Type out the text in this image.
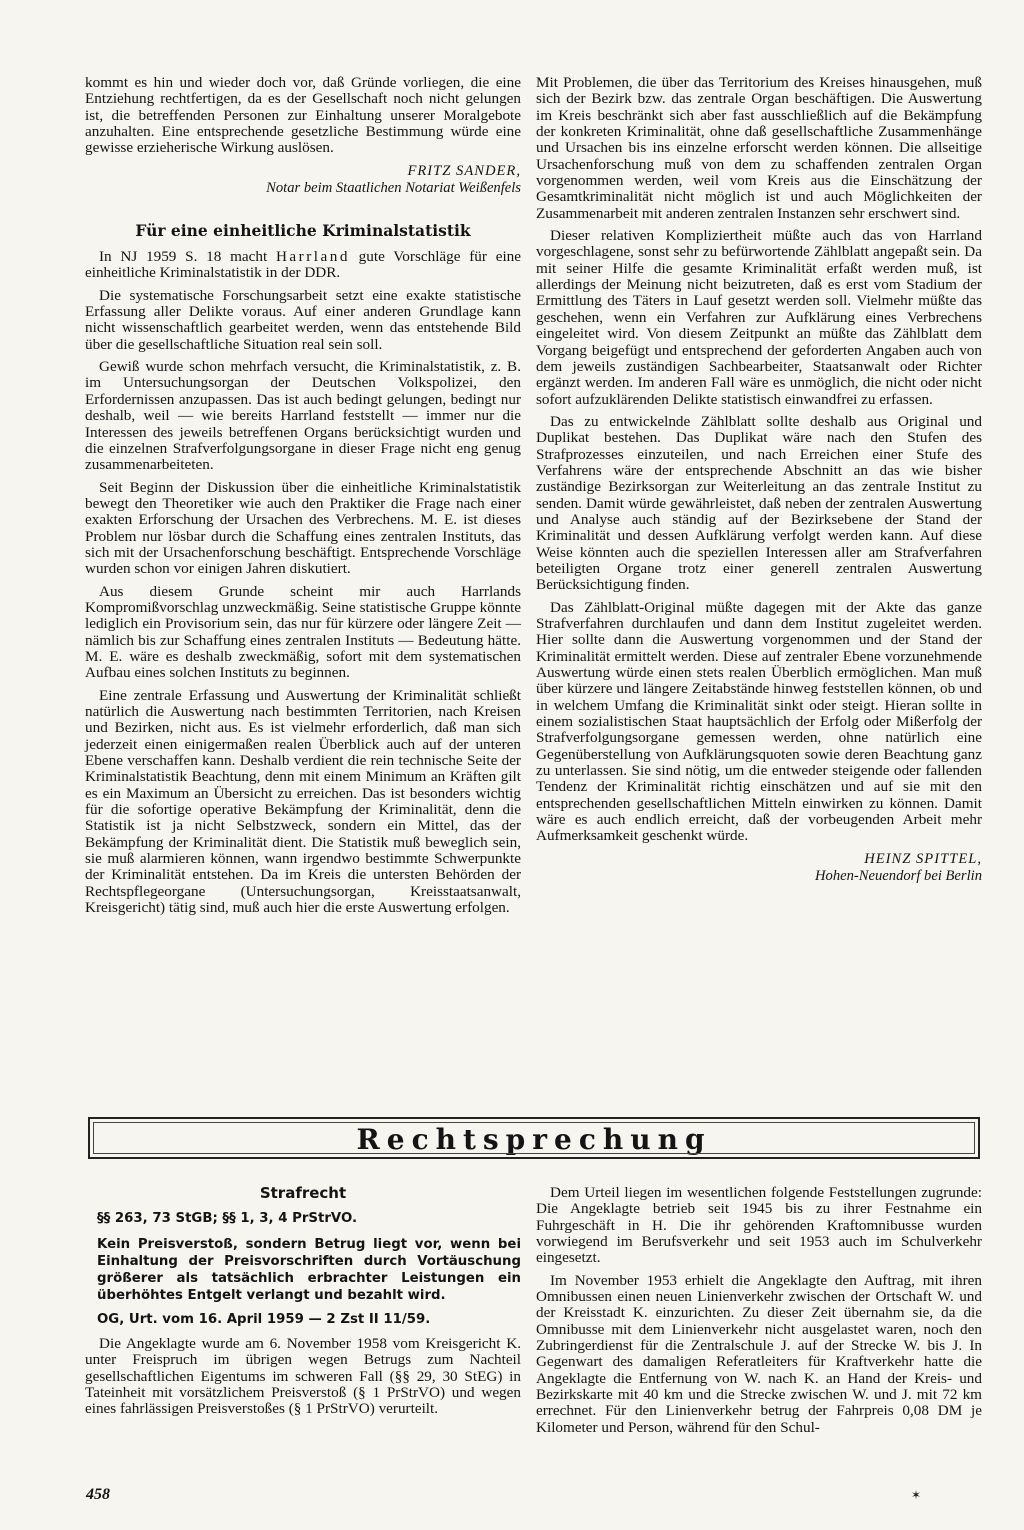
kommt es hin und wieder doch vor, daß Gründe vorliegen, die eine Entziehung rechtfertigen, da es der Gesellschaft noch nicht gelungen ist, die betreffenden Personen zur Einhaltung unserer Moralgebote anzuhalten. Eine entsprechende gesetzliche Bestimmung würde eine gewisse erzieherische Wirkung auslösen.

FRITZ SANDER,
Notar beim Staatlichen Notariat Weißenfels
Für eine einheitliche Kriminalstatistik

In NJ 1959 S. 18 macht Harrland gute Vorschläge für eine einheitliche Kriminalstatistik in der DDR.

Die systematische Forschungsarbeit setzt eine exakte statistische Erfassung aller Delikte voraus. Auf einer anderen Grundlage kann nicht wissenschaftlich gearbeitet werden, wenn das entstehende Bild über die gesellschaftliche Situation real sein soll.

Gewiß wurde schon mehrfach versucht, die Kriminalstatistik, z. B. im Untersuchungsorgan der Deutschen Volkspolizei, den Erfordernissen anzupassen. Das ist auch bedingt gelungen, bedingt nur deshalb, weil — wie bereits Harrland feststellt — immer nur die Interessen des jeweils betreffenen Organs berücksichtigt wurden und die einzelnen Strafverfolgungsorgane in dieser Frage nicht eng genug zusammenarbeiteten.

Seit Beginn der Diskussion über die einheitliche Kriminalstatistik bewegt den Theoretiker wie auch den Praktiker die Frage nach einer exakten Erforschung der Ursachen des Verbrechens. M. E. ist dieses Problem nur lösbar durch die Schaffung eines zentralen Instituts, das sich mit der Ursachenforschung beschäftigt. Entsprechende Vorschläge wurden schon vor einigen Jahren diskutiert.

Aus diesem Grunde scheint mir auch Harrlands Kompromißvorschlag unzweckmäßig. Seine statistische Gruppe könnte lediglich ein Provisorium sein, das nur für kürzere oder längere Zeit — nämlich bis zur Schaffung eines zentralen Instituts — Bedeutung hätte. M. E. wäre es deshalb zweckmäßig, sofort mit dem systematischen Aufbau eines solchen Instituts zu beginnen.

Eine zentrale Erfassung und Auswertung der Kriminalität schließt natürlich die Auswertung nach bestimmten Territorien, nach Kreisen und Bezirken, nicht aus. Es ist vielmehr erforderlich, daß man sich jederzeit einen einigermaßen realen Überblick auch auf der unteren Ebene verschaffen kann. Deshalb verdient die rein technische Seite der Kriminalstatistik Beachtung, denn mit einem Minimum an Kräften gilt es ein Maximum an Übersicht zu erreichen. Das ist besonders wichtig für die sofortige operative Bekämpfung der Kriminalität, denn die Statistik ist ja nicht Selbstzweck, sondern ein Mittel, das der Bekämpfung der Kriminalität dient. Die Statistik muß beweglich sein, sie muß alarmieren können, wann irgendwo bestimmte Schwerpunkte der Kriminalität entstehen. Da im Kreis die untersten Behörden der Rechtspflegeorgane (Untersuchungsorgan, Kreisstaatsanwalt, Kreisgericht) tätig sind, muß auch hier die erste Auswertung erfolgen.

Mit Problemen, die über das Territorium des Kreises hinausgehen, muß sich der Bezirk bzw. das zentrale Organ beschäftigen. Die Auswertung im Kreis beschränkt sich aber fast ausschließlich auf die Bekämpfung der konkreten Kriminalität, ohne daß gesellschaftliche Zusammenhänge und Ursachen bis ins einzelne erforscht werden können. Die allseitige Ursachenforschung muß von dem zu schaffenden zentralen Organ vorgenommen werden, weil vom Kreis aus die Einschätzung der Gesamtkriminalität nicht möglich ist und auch Möglichkeiten der Zusammenarbeit mit anderen zentralen Instanzen sehr erschwert sind.

Dieser relativen Kompliziertheit müßte auch das von Harrland vorgeschlagene, sonst sehr zu befürwortende Zählblatt angepaßt sein. Da mit seiner Hilfe die gesamte Kriminalität erfaßt werden muß, ist allerdings der Meinung nicht beizutreten, daß es erst vom Stadium der Ermittlung des Täters in Lauf gesetzt werden soll. Vielmehr müßte das geschehen, wenn ein Verfahren zur Aufklärung eines Verbrechens eingeleitet wird. Von diesem Zeitpunkt an müßte das Zählblatt dem Vorgang beigefügt und entsprechend der geforderten Angaben auch von dem jeweils zuständigen Sachbearbeiter, Staatsanwalt oder Richter ergänzt werden. Im anderen Fall wäre es unmöglich, die nicht oder nicht sofort aufzuklärenden Delikte statistisch einwandfrei zu erfassen.

Das zu entwickelnde Zählblatt sollte deshalb aus Original und Duplikat bestehen. Das Duplikat wäre nach den Stufen des Strafprozesses einzuteilen, und nach Erreichen einer Stufe des Verfahrens wäre der entsprechende Abschnitt an das wie bisher zuständige Bezirksorgan zur Weiterleitung an das zentrale Institut zu senden. Damit würde gewährleistet, daß neben der zentralen Auswertung und Analyse auch ständig auf der Bezirksebene der Stand der Kriminalität und dessen Aufklärung verfolgt werden kann. Auf diese Weise könnten auch die speziellen Interessen aller am Strafverfahren beteiligten Organe trotz einer generell zentralen Auswertung Berücksichtigung finden.

Das Zählblatt-Original müßte dagegen mit der Akte das ganze Strafverfahren durchlaufen und dann dem Institut zugeleitet werden. Hier sollte dann die Auswertung vorgenommen und der Stand der Kriminalität ermittelt werden. Diese auf zentraler Ebene vorzunehmende Auswertung würde einen stets realen Überblich ermöglichen. Man muß über kürzere und längere Zeitabstände hinweg feststellen können, ob und in welchem Umfang die Kriminalität sinkt oder steigt. Hieran sollte in einem sozialistischen Staat hauptsächlich der Erfolg oder Mißerfolg der Strafverfolgungsorgane gemessen werden, ohne natürlich eine Gegenüberstellung von Aufklärungsquoten sowie deren Beachtung ganz zu unterlassen. Sie sind nötig, um die entweder steigende oder fallenden Tendenz der Kriminalität richtig einschätzen und auf sie mit den entsprechenden gesellschaftlichen Mitteln einwirken zu können. Damit wäre es auch endlich erreicht, daß der vorbeugenden Arbeit mehr Aufmerksamkeit geschenkt würde.

HEINZ SPITTEL,
Hohen-Neuendorf bei Berlin
Rechtsprechung
Strafrecht
§§ 263, 73 StGB; §§ 1, 3, 4 PrStrVO.
Kein Preisverstoß, sondern Betrug liegt vor, wenn bei Einhaltung der Preisvorschriften durch Vortäuschung größerer als tatsächlich erbrachter Leistungen ein überhöhtes Entgelt verlangt und bezahlt wird.
OG, Urt. vom 16. April 1959 — 2 Zst II 11/59.

Die Angeklagte wurde am 6. November 1958 vom Kreisgericht K. unter Freispruch im übrigen wegen Betrugs zum Nachteil gesellschaftlichen Eigentums im schweren Fall (§§ 29, 30 StEG) in Tateinheit mit vorsätzlichem Preisverstoß (§ 1 PrStrVO) und wegen eines fahrlässigen Preisverstoßes (§ 1 PrStrVO) verurteilt.

Dem Urteil liegen im wesentlichen folgende Feststellungen zugrunde: Die Angeklagte betrieb seit 1945 bis zu ihrer Festnahme ein Fuhrgeschäft in H. Die ihr gehörenden Kraftomnibusse wurden vorwiegend im Berufsverkehr und seit 1953 auch im Schulverkehr eingesetzt.

Im November 1953 erhielt die Angeklagte den Auftrag, mit ihren Omnibussen einen neuen Linienverkehr zwischen der Ortschaft W. und der Kreisstadt K. einzurichten. Zu dieser Zeit übernahm sie, da die Omnibusse mit dem Linienverkehr nicht ausgelastet waren, noch den Zubringerdienst für die Zentralschule J. auf der Strecke W. bis J. In Gegenwart des damaligen Referatleiters für Kraftverkehr hatte die Angeklagte die Entfernung von W. nach K. an Hand der Kreis- und Bezirkskarte mit 40 km und die Strecke zwischen W. und J. mit 72 km errechnet. Für den Linienverkehr betrug der Fahrpreis 0,08 DM je Kilometer und Person, während für den Schul-

458	✶
